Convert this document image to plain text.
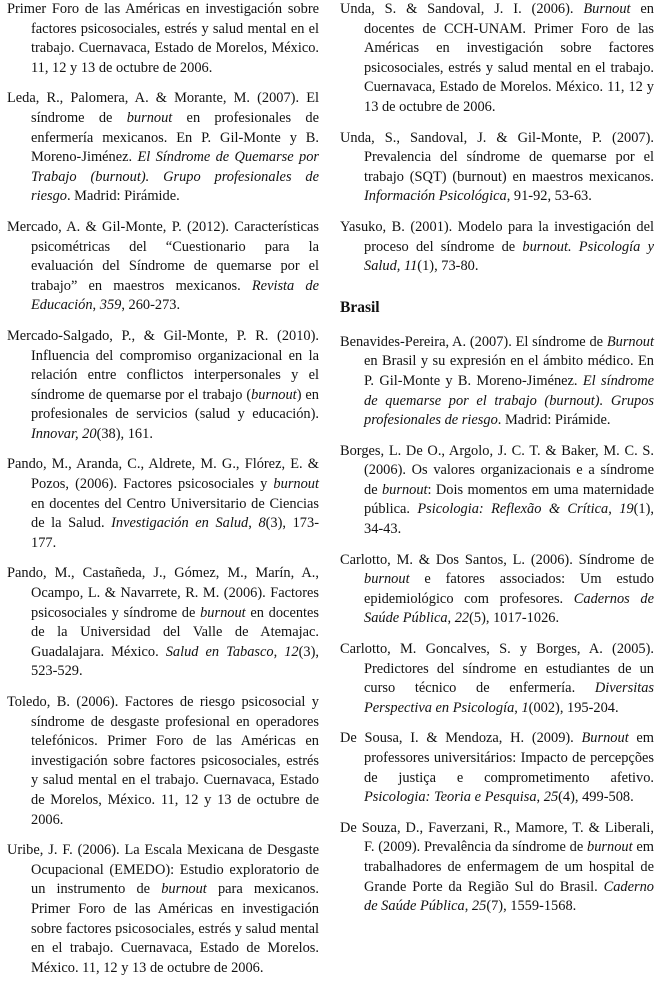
Primer Foro de las Américas en investigación sobre factores psicosociales, estrés y salud mental en el trabajo. Cuernavaca, Estado de Morelos, México. 11, 12 y 13 de octubre de 2006.

Leda, R., Palomera, A. & Morante, M. (2007). El síndrome de burnout en profesionales de enfermería mexicanos. En P. Gil-Monte y B. Moreno-Jiménez. El Síndrome de Quemarse por Trabajo (burnout). Grupo profesionales de riesgo. Madrid: Pirámide.

Mercado, A. & Gil-Monte, P. (2012). Características psicométricas del “Cuestionario para la evaluación del Síndrome de quemarse por el trabajo” en maestros mexicanos. Revista de Educación, 359, 260-273.

Mercado-Salgado, P., & Gil-Monte, P. R. (2010). Influencia del compromiso organizacional en la relación entre conflictos interpersonales y el síndrome de quemarse por el trabajo (burnout) en profesionales de servicios (salud y educación). Innovar, 20(38), 161.

Pando, M., Aranda, C., Aldrete, M. G., Flórez, E. & Pozos, (2006). Factores psicosociales y burnout en docentes del Centro Universitario de Ciencias de la Salud. Investigación en Salud, 8(3), 173-177.

Pando, M., Castañeda, J., Gómez, M., Marín, A., Ocampo, L. & Navarrete, R. M. (2006). Factores psicosociales y síndrome de burnout en docentes de la Universidad del Valle de Atemajac. Guadalajara. México. Salud en Tabasco, 12(3), 523-529.

Toledo, B. (2006). Factores de riesgo psicosocial y síndrome de desgaste profesional en operadores telefónicos. Primer Foro de las Américas en investigación sobre factores psicosociales, estrés y salud mental en el trabajo. Cuernavaca, Estado de Morelos, México. 11, 12 y 13 de octubre de 2006.

Uribe, J. F. (2006). La Escala Mexicana de Desgaste Ocupacional (EMEDO): Estudio exploratorio de un instrumento de burnout para mexicanos. Primer Foro de las Américas en investigación sobre factores psicosociales, estrés y salud mental en el trabajo. Cuernavaca, Estado de Morelos. México. 11, 12 y 13 de octubre de 2006.

Unda, S. & Sandoval, J. I. (2006). Burnout en docentes de CCH-UNAM. Primer Foro de las Américas en investigación sobre factores psicosociales, estrés y salud mental en el trabajo. Cuernavaca, Estado de Morelos. México. 11, 12 y 13 de octubre de 2006.

Unda, S., Sandoval, J. & Gil-Monte, P. (2007). Prevalencia del síndrome de quemarse por el trabajo (SQT) (burnout) en maestros mexicanos. Información Psicológica, 91-92, 53-63.

Yasuko, B. (2001). Modelo para la investigación del proceso del síndrome de burnout. Psicología y Salud, 11(1), 73-80.

Brasil

Benavides-Pereira, A. (2007). El síndrome de Burnout en Brasil y su expresión en el ámbito médico. En P. Gil-Monte y B. Moreno-Jiménez. El síndrome de quemarse por el trabajo (burnout). Grupos profesionales de riesgo. Madrid: Pirámide.

Borges, L. De O., Argolo, J. C. T. & Baker, M. C. S. (2006). Os valores organizacionais e a síndrome de burnout: Dois momentos em uma maternidade pública. Psicologia: Reflexão & Crítica, 19(1), 34-43.

Carlotto, M. & Dos Santos, L. (2006). Síndrome de burnout e fatores associados: Um estudo epidemiológico com profesores. Cadernos de Saúde Pública, 22(5), 1017-1026.

Carlotto, M. Goncalves, S. y Borges, A. (2005). Predictores del síndrome en estudiantes de un curso técnico de enfermería. Diversitas Perspectiva en Psicología, 1(002), 195-204.

De Sousa, I. & Mendoza, H. (2009). Burnout em professores universitários: Impacto de percepções de justiça e comprometimento afetivo. Psicologia: Teoria e Pesquisa, 25(4), 499-508.

De Souza, D., Faverzani, R., Mamore, T. & Liberali, F. (2009). Prevalência da síndrome de burnout em trabalhadores de enfermagem de um hospital de Grande Porte da Região Sul do Brasil. Caderno de Saúde Pública, 25(7), 1559-1568.
